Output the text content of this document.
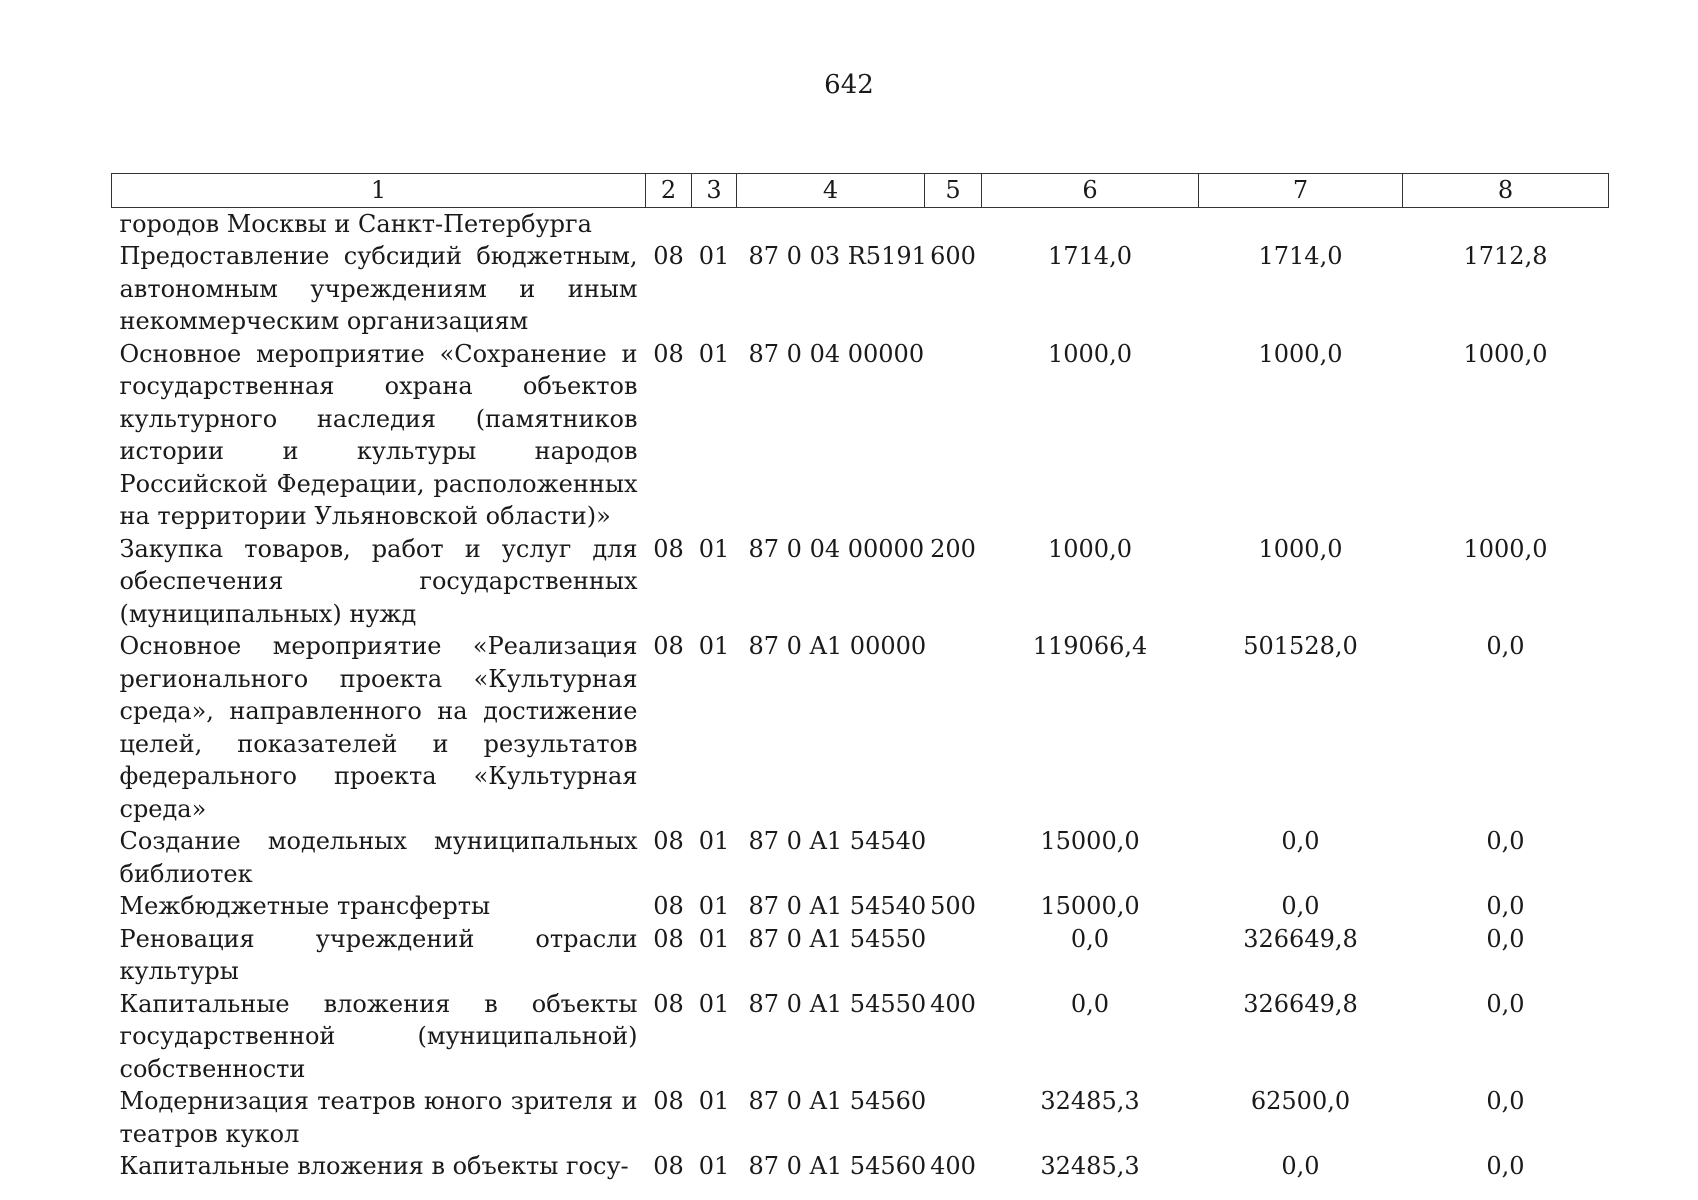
642
1	2	3	4	5	6	7	8
городов Москвы и Санкт-Петербурга							
Предоставление субсидий бюджетным, автономным учреждениям и иным некоммерческим организациям	08	01	87 0 03 R5191	600	1714,0	1714,0	1712,8
Основное мероприятие «Сохранение и государственная охрана объектов культурного наследия (памятников истории и культуры народов Российской Федерации, расположенных на территории Ульяновской области)»	08	01	87 0 04 00000		1000,0	1000,0	1000,0
Закупка товаров, работ и услуг для обеспечения государственных (муниципальных) нужд	08	01	87 0 04 00000	200	1000,0	1000,0	1000,0
Основное мероприятие «Реализация регионального проекта «Культурная среда», направленного на достижение целей, показателей и результатов федерального проекта «Культурная среда»	08	01	87 0 A1 00000		119066,4	501528,0	0,0
Создание модельных муниципальных библиотек	08	01	87 0 A1 54540		15000,0	0,0	0,0
Межбюджетные трансферты	08	01	87 0 A1 54540	500	15000,0	0,0	0,0
Реновация учреждений отрасли культуры	08	01	87 0 A1 54550		0,0	326649,8	0,0
Капитальные вложения в объекты государственной (муниципальной) собственности	08	01	87 0 A1 54550	400	0,0	326649,8	0,0
Модернизация театров юного зрителя и театров кукол	08	01	87 0 A1 54560		32485,3	62500,0	0,0
Капитальные вложения в объекты госу-	08	01	87 0 A1 54560	400	32485,3	0,0	0,0
